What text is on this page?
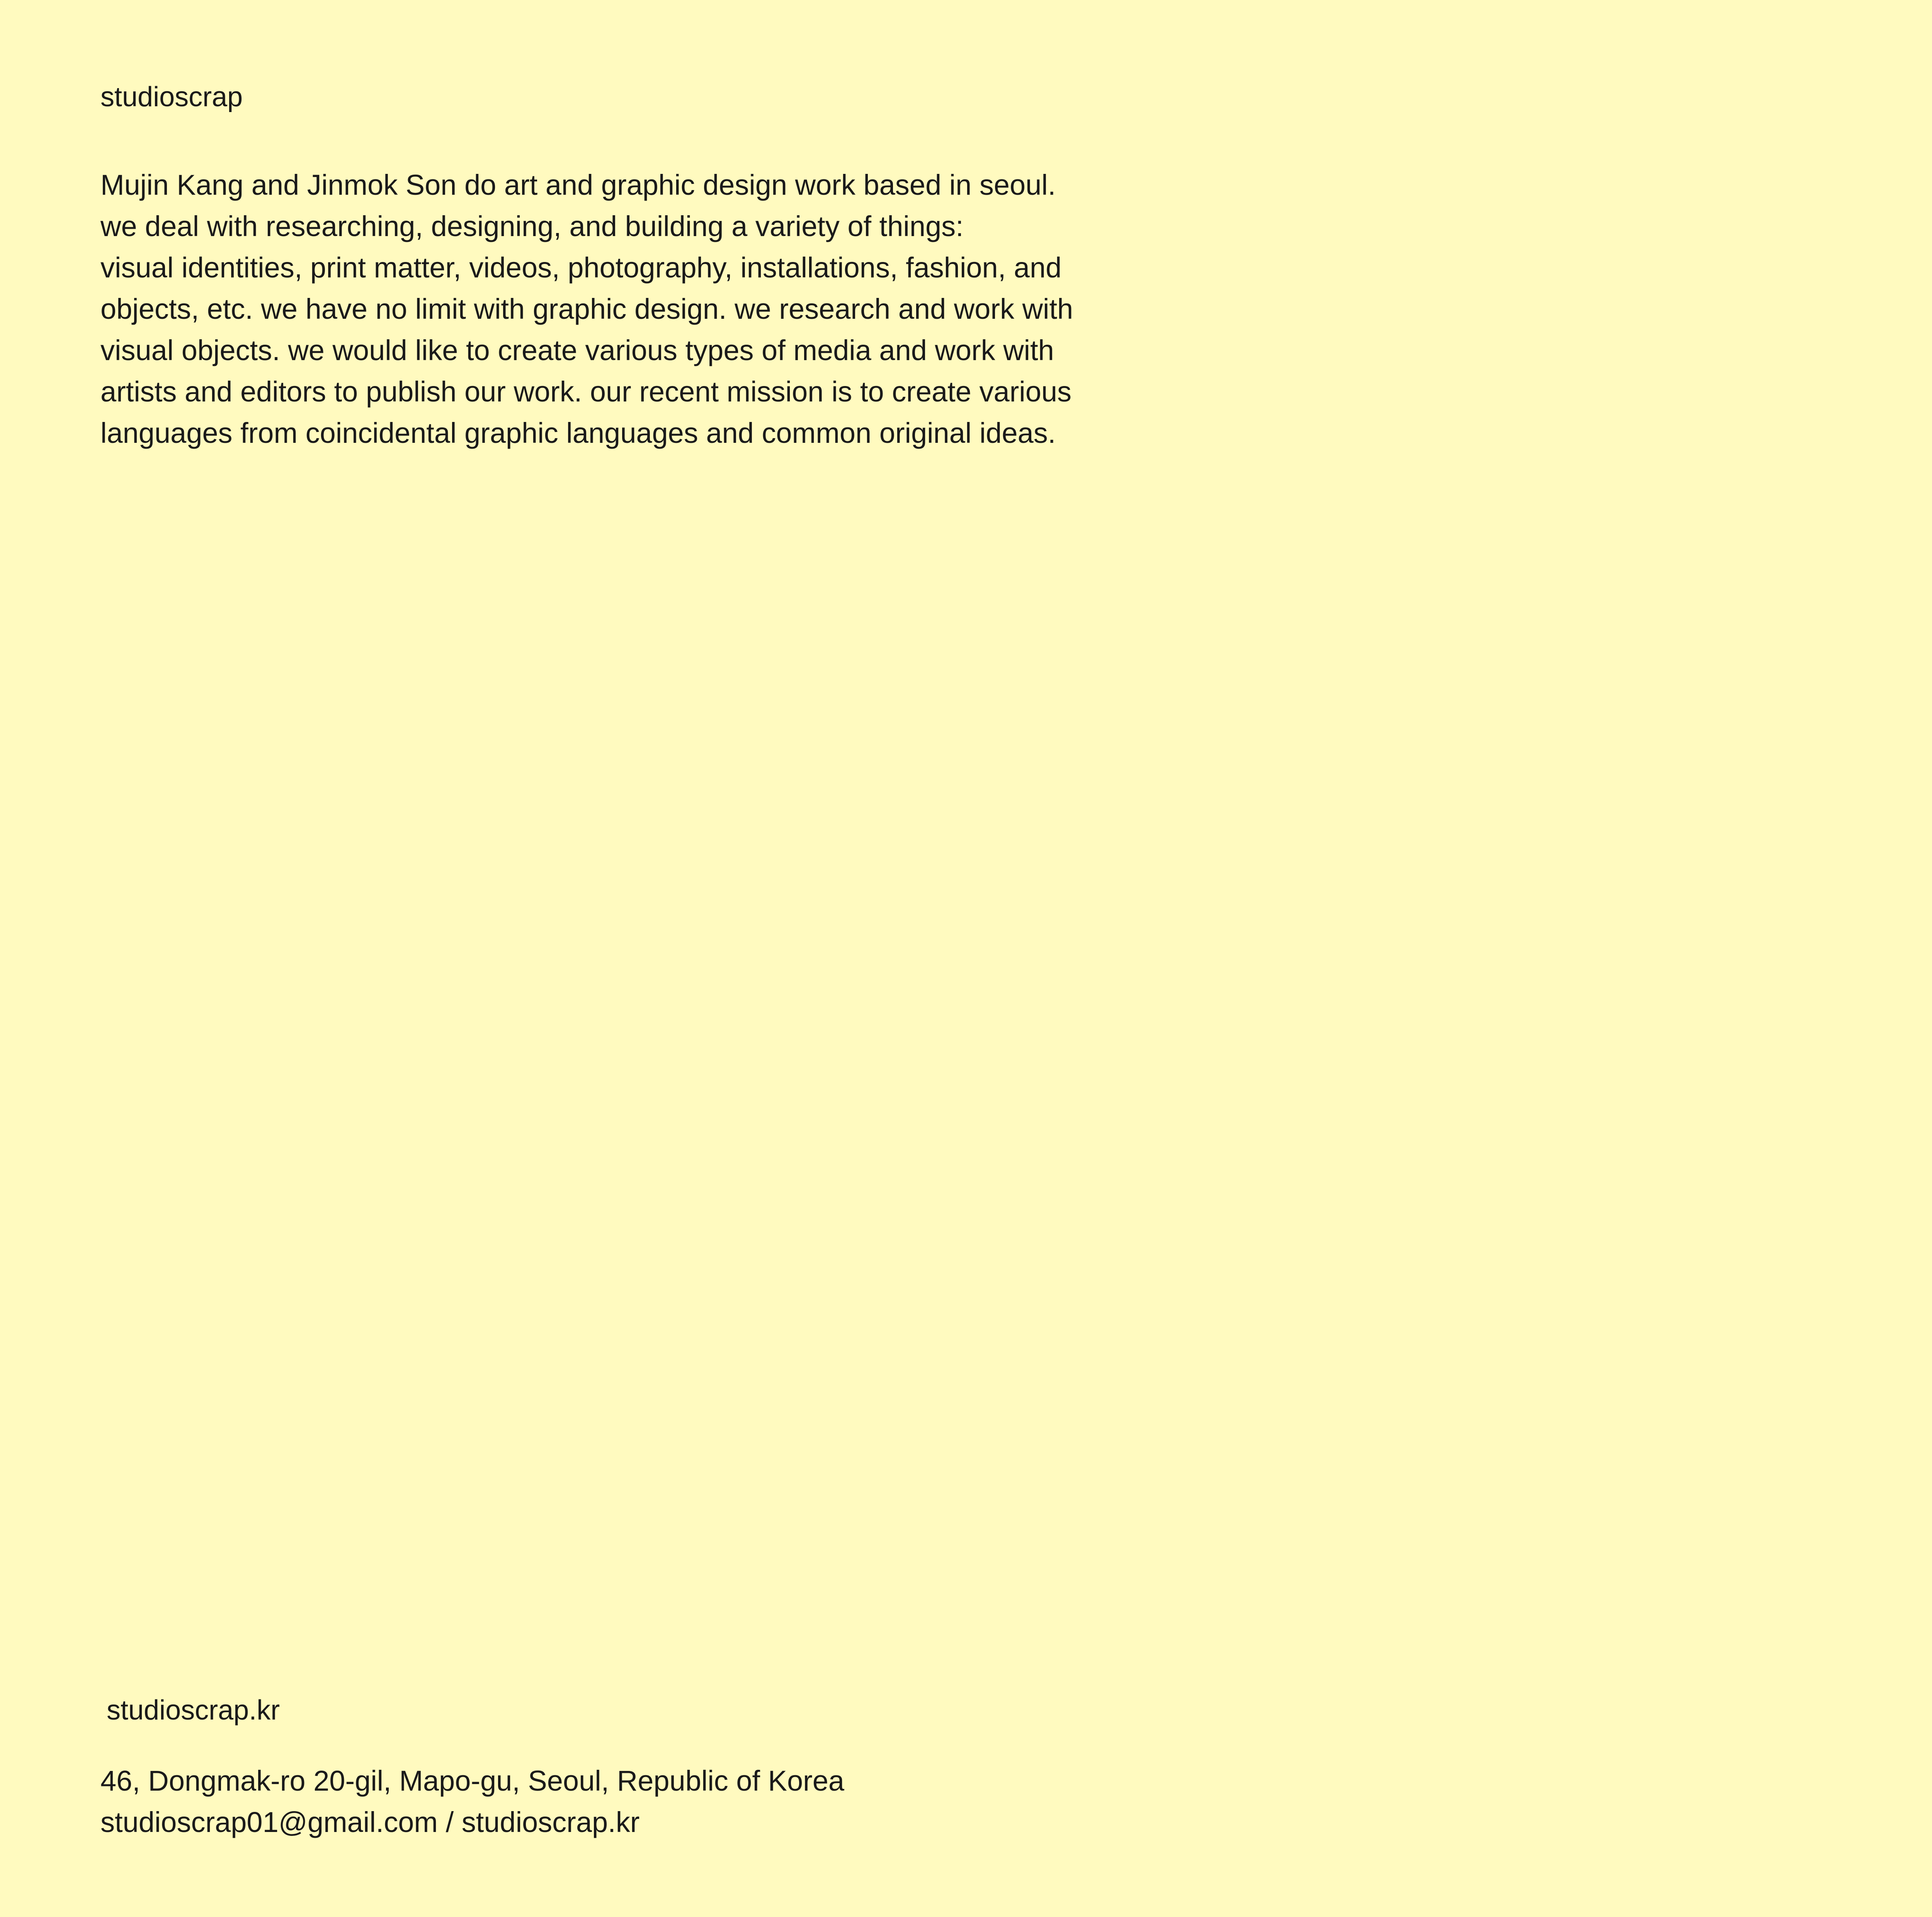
studioscrap

Mujin Kang and Jinmok Son do art and graphic design work based in seoul.
we deal with researching, designing, and building a variety of things:
visual identities, print matter, videos, photography, installations, fashion, and
objects, etc. we have no limit with graphic design. we research and work with
visual objects. we would like to create various types of media and work with
artists and editors to publish our work. our recent mission is to create various
languages from coincidental graphic languages and common original ideas.

studioscrap.kr

46, Dongmak-ro 20-gil, Mapo-gu, Seoul, Republic of Korea
studioscrap01@gmail.com / studioscrap.kr
